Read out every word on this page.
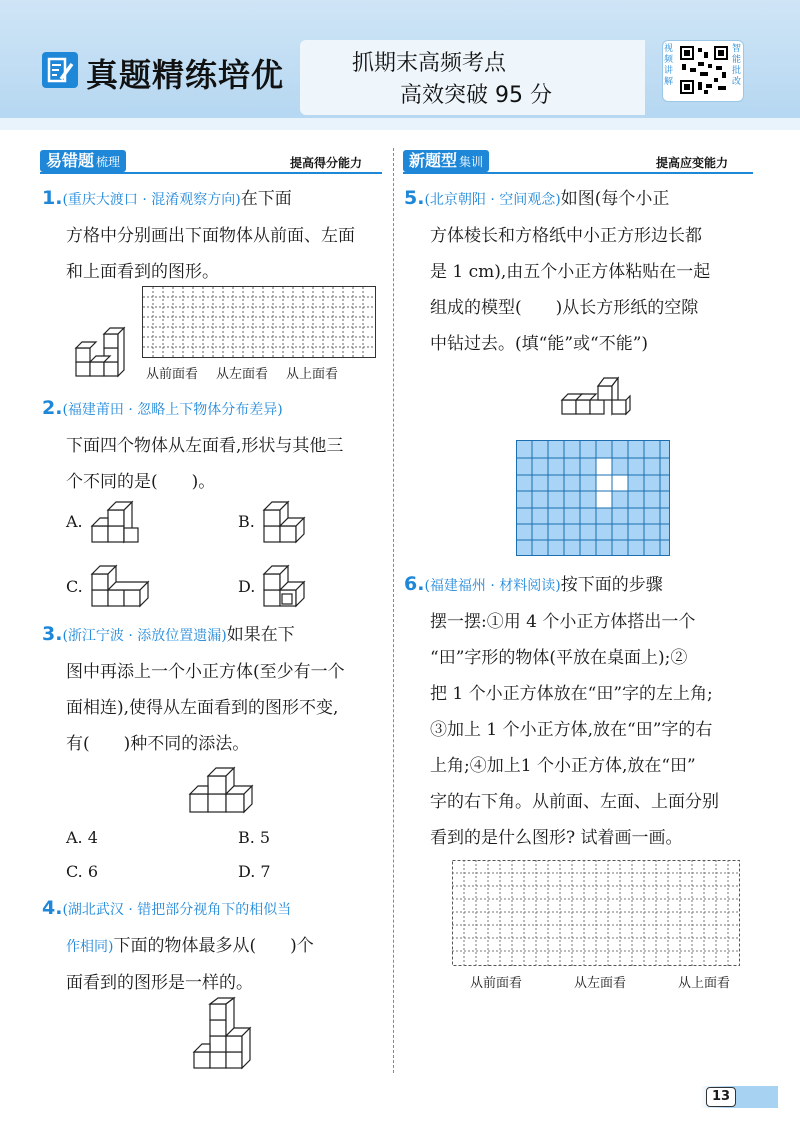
真题精练培优	抓期末高频考点
高效突破 95 分
视频讲解
智能批改
易错题 梳理	提高得分能力	新题型 集训	提高应变能力
1.(重庆大渡口 · 混淆观察方向)在下面
方格中分别画出下面物体从前面、左面
和上面看到的图形。
从前面看 从左面看 从上面看
2.(福建莆田 · 忽略上下物体分布差异)
下面四个物体从左面看,形状与其他三
个不同的是(　　)。
A.	B.
C.	D.
3.(浙江宁波 · 添放位置遗漏)如果在下
图中再添上一个小正方体(至少有一个
面相连),使得从左面看到的图形不变,
有(　　)种不同的添法。
A. 4	B. 5
C. 6	D. 7
4.(湖北武汉 · 错把部分视角下的相似当
作相同)下面的物体最多从(　　)个
面看到的图形是一样的。
5.(北京朝阳 · 空间观念)如图(每个小正
方体棱长和方格纸中小正方形边长都
是 1 cm),由五个小正方体粘贴在一起
组成的模型(　　)从长方形纸的空隙
中钻过去。(填“能”或“不能”)
6.(福建福州 · 材料阅读)按下面的步骤
摆一摆:①用 4 个小正方体搭出一个
“田”字形的物体(平放在桌面上);②
把 1 个小正方体放在“田”字的左上角;
③加上 1 个小正方体,放在“田”字的右
上角;④加上1 个小正方体,放在“田”
字的右下角。从前面、左面、上面分别
看到的是什么图形? 试着画一画。
从前面看	从左面看	从上面看
13
